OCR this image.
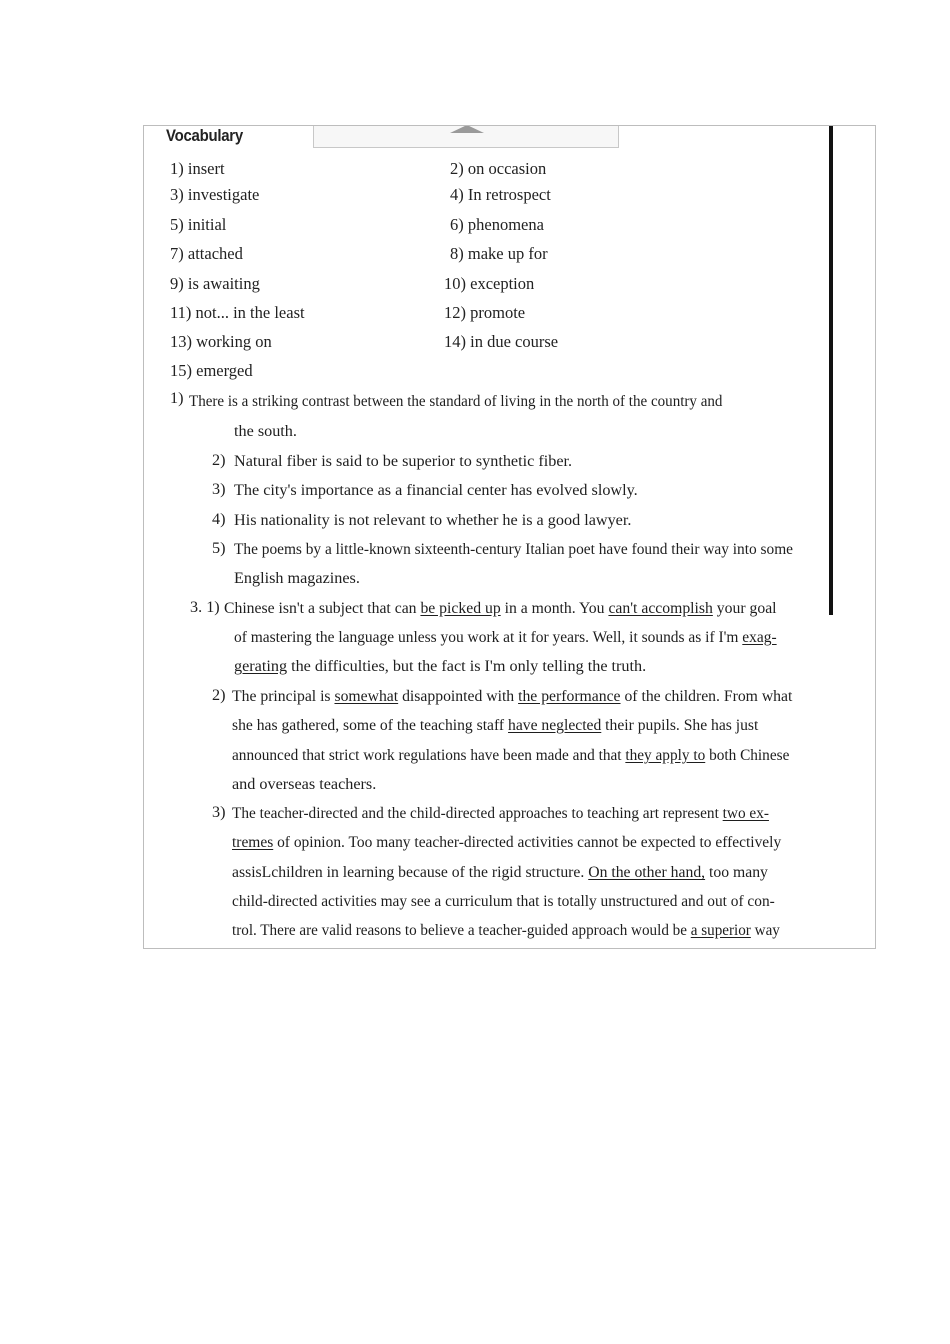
Vocabulary
1) insert	2) on occasion
3) investigate	4) In retrospect
5) initial	6) phenomena
7) attached	8) make up for
9) is awaiting	10) exception
11) not... in the least	12) promote
13) working on	14) in due course
15) emerged
1) There is a striking contrast between the standard of living in the north of the country and
the south.
2) Natural fiber is said to be superior to synthetic fiber.
3) The city's importance as a financial center has evolved slowly.
4) His nationality is not relevant to whether he is a good lawyer.
5) The poems by a little-known sixteenth-century Italian poet have found their way into some
English magazines.
3. 1) Chinese isn't a subject that can be picked up in a month. You can't accomplish your goal
of mastering the language unless you work at it for years. Well, it sounds as if I'm exag-
gerating the difficulties, but the fact is I'm only telling the truth.
2) The principal is somewhat disappointed with the performance of the children. From what
she has gathered, some of the teaching staff have neglected their pupils. She has just
announced that strict work regulations have been made and that they apply to both Chinese
and overseas teachers.
3) The teacher-directed and the child-directed approaches to teaching art represent two ex-
tremes of opinion. Too many teacher-directed activities cannot be expected to effectively
assisLchildren in learning because of the rigid structure. On the other hand, too many
child-directed activities may see a curriculum that is totally unstructured and out of con-
trol. There are valid reasons to believe a teacher-guided approach would be a superior way
